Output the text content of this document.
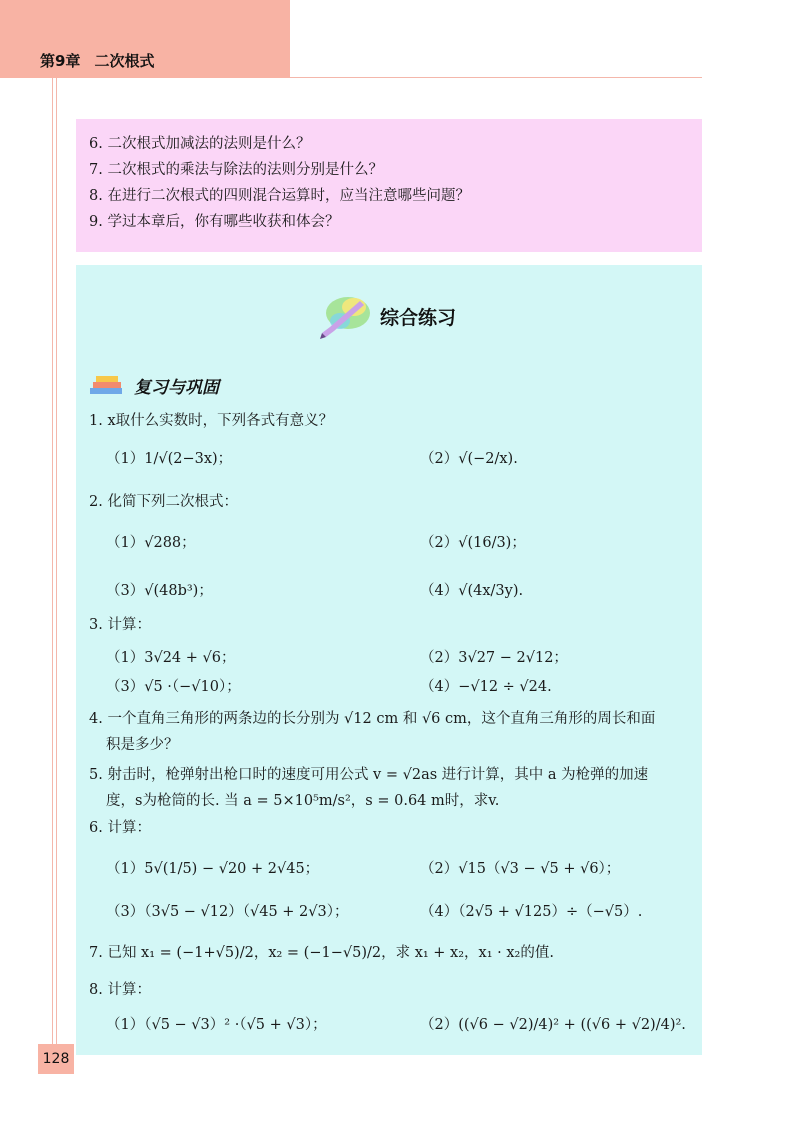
第9章 二次根式

6. 二次根式加减法的法则是什么？

7. 二次根式的乘法与除法的法则分别是什么？

8. 在进行二次根式的四则混合运算时，应当注意哪些问题？

9. 学过本章后，你有哪些收获和体会？

综合练习
复习与巩固
1. x取什么实数时，下列各式有意义？
（1）1/√(2−3x)；	（2）√(−2/x).
2. 化简下列二次根式：
（1）√288；	（2）√(16/3)；
（3）√(48b³)；	（4）√(4x/3y).
3. 计算：
（1）3√24 + √6；	（2）3√27 − 2√12；
（3）√5 ·（−√10）；	（4）−√12 ÷ √24.
4. 一个直角三角形的两条边的长分别为 √12 cm 和 √6 cm，这个直角三角形的周长和面
积是多少？
5. 射击时，枪弹射出枪口时的速度可用公式 v = √2as 进行计算，其中 a 为枪弹的加速
度，s为枪筒的长. 当 a = 5×10⁵m/s²，s = 0.64 m时，求v.
6. 计算：
（1）5√(1/5) − √20 + 2√45；	（2）√15（√3 − √5 + √6）；
（3）（3√5 − √12）（√45 + 2√3）；	（4）（2√5 + √125）÷（−√5）.
7. 已知 x₁ = (−1+√5)/2，x₂ = (−1−√5)/2，求 x₁ + x₂，x₁ · x₂的值.
8. 计算：
（1）（√5 − √3）² ·（√5 + √3）；	（2）((√6 − √2)/4)² + ((√6 + √2)/4)².
128
